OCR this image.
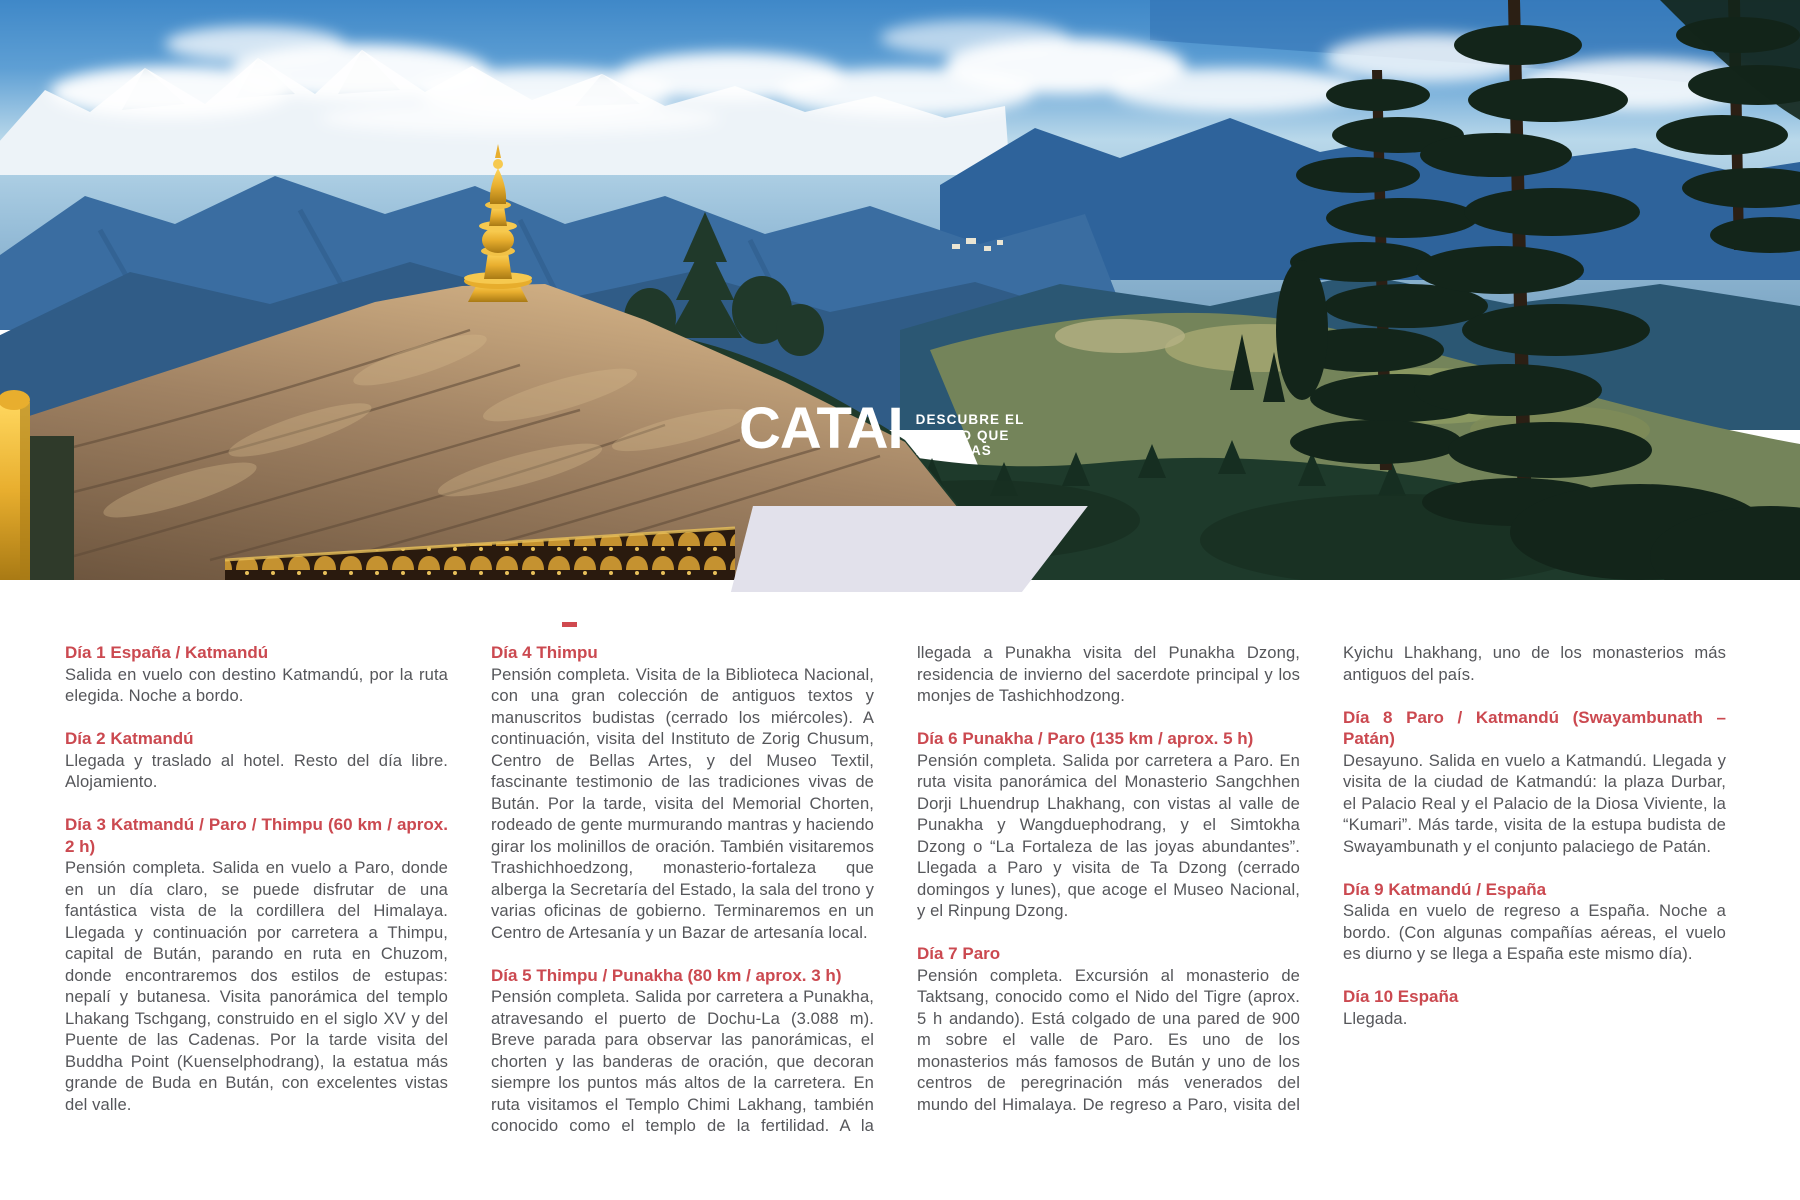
CATAI DESCUBRE EL
MUNDO QUE
IMAGINAS
Día 1 España / Katmandú

Salida en vuelo con destino Katmandú, por la ruta elegida. Noche a bordo.

Día 2 Katmandú

Llegada y traslado al hotel. Resto del día libre. Alojamiento.

Día 3 Katmandú / Paro / Thimpu (60 km / aprox. 2 h)

Pensión completa. Salida en vuelo a Paro, donde en un día claro, se puede disfrutar de una fantástica vista de la cordillera del Himalaya. Llegada y continuación por carretera a Thimpu, capital de Bután, parando en ruta en Chuzom, donde encontraremos dos estilos de estupas: nepalí y butanesa. Visita panorámica del templo Lhakang Tschgang, construido en el siglo XV y del Puente de las Cadenas. Por la tarde visita del Buddha Point (Kuenselphodrang), la estatua más grande de Buda en Bután, con excelentes vistas del valle.

Día 4 Thimpu

Pensión completa. Visita de la Biblioteca Nacional, con una gran colección de antiguos textos y manuscritos budistas (cerrado los miércoles). A continuación, visita del Instituto de Zorig Chusum, Centro de Bellas Artes, y del Museo Textil, fascinante testimonio de las tradiciones vivas de Bután. Por la tarde, visita del Memorial Chorten, rodeado de gente murmurando mantras y haciendo girar los molinillos de oración. También visitaremos Trashichhoedzong, monasterio-fortaleza que alberga la Secretaría del Estado, la sala del trono y varias oficinas de gobierno. Terminaremos en un Centro de Artesanía y un Bazar de artesanía local.

Día 5 Thimpu / Punakha (80 km / aprox. 3 h)

Pensión completa. Salida por carretera a Punakha, atravesando el puerto de Dochu-La (3.088 m). Breve parada para observar las panorámicas, el chorten y las banderas de oración, que decoran siempre los puntos más altos de la carretera. En ruta visitamos el Templo Chimi Lakhang, también conocido como el templo de la fertilidad. A la llegada a Punakha visita del Punakha Dzong, residencia de invierno del sacerdote principal y los monjes de Tashichhodzong.

Día 6 Punakha / Paro (135 km / aprox. 5 h)

Pensión completa. Salida por carretera a Paro. En ruta visita panorámica del Monasterio Sangchhen Dorji Lhuendrup Lhakhang, con vistas al valle de Punakha y Wangduephodrang, y el Simtokha Dzong o “La Fortaleza de las joyas abundantes”. Llegada a Paro y visita de Ta Dzong (cerrado domingos y lunes), que acoge el Museo Nacional, y el Rinpung Dzong.

Día 7 Paro

Pensión completa. Excursión al monasterio de Taktsang, conocido como el Nido del Tigre (aprox. 5 h andando). Está colgado de una pared de 900 m sobre el valle de Paro. Es uno de los monasterios más famosos de Bután y uno de los centros de peregrinación más venerados del mundo del Himalaya. De regreso a Paro, visita del Kyichu Lhakhang, uno de los monasterios más antiguos del país.

Día 8 Paro / Katmandú (Swayambunath – Patán)

Desayuno. Salida en vuelo a Katmandú. Llegada y visita de la ciudad de Katmandú: la plaza Durbar, el Palacio Real y el Palacio de la Diosa Viviente, la “Kumari”. Más tarde, visita de la estupa budista de Swayambunath y el conjunto palaciego de Patán.

Día 9 Katmandú / España

Salida en vuelo de regreso a España. Noche a bordo. (Con algunas compañías aéreas, el vuelo es diurno y se llega a España este mismo día).

Día 10 España

Llegada.
